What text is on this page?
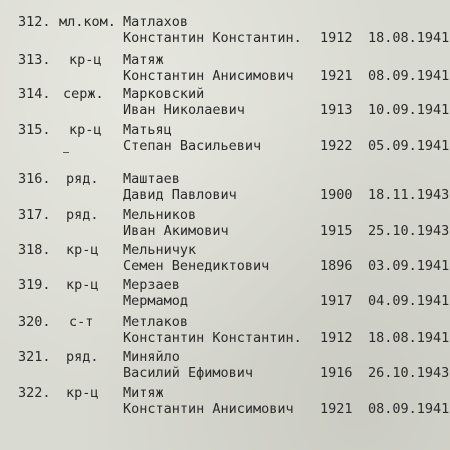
312. мл.ком. Матлахов
Константин Константин. 1912 18.08.1941
313. кр-ц Матяж
Константин Анисимович 1921 08.09.1941
314. серж. Марковский
Иван Николаевич	1913 10.09.1941
315. кр-ц Матьяц
Степан Васильевич	1922 05.09.1941
316. ряд. Маштаев
Давид Павлович	1900 18.11.1943
317. ряд. Мельников
Иван Акимович	1915 25.10.1943
318. кр-ц Мельничук
Семен Венедиктович	1896 03.09.1941
319. кр-ц Мерзаев
Мермамод	1917 04.09.1941
320. с-т Метлаков
Константин Константин. 1912 18.08.1941
321. ряд. Миняйло
Василий Ефимович	1916 26.10.1943
322. кр-ц Митяж
Константин Анисимович 1921 08.09.1941
